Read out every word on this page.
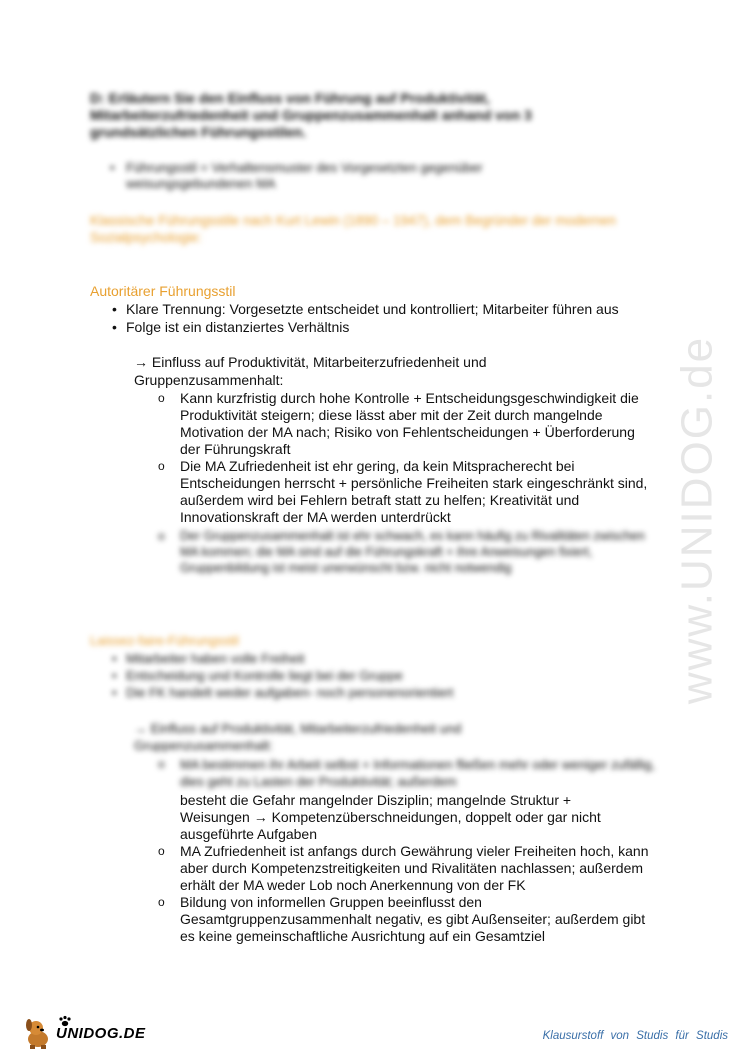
D: Erläutern Sie den Einfluss von Führung auf Produktivität, Mitarbeiterzufriedenheit und Gruppenzusammenhalt anhand von 3 grundsätzlichen Führungsstilen.
• Führungsstil = Verhaltensmuster des Vorgesetzten gegenüber weisungsgebundenen MA
Klassische Führungsstile nach Kurt Lewin (1890 – 1947), dem Begründer der modernen Sozialpsychologie:
Autoritärer Führungsstil
• Klare Trennung: Vorgesetzte entscheidet und kontrolliert; Mitarbeiter führen aus
• Folge ist ein distanziertes Verhältnis
→ Einfluss auf Produktivität, Mitarbeiterzufriedenheit und Gruppenzusammenhalt:
o Kann kurzfristig durch hohe Kontrolle + Entscheidungsgeschwindigkeit die Produktivität steigern; diese lässt aber mit der Zeit durch mangelnde Motivation der MA nach; Risiko von Fehlentscheidungen + Überforderung der Führungskraft
o Die MA Zufriedenheit ist ehr gering, da kein Mitspracherecht bei Entscheidungen herrscht + persönliche Freiheiten stark eingeschränkt sind, außerdem wird bei Fehlern betraft statt zu helfen; Kreativität und Innovationskraft der MA werden unterdrückt
o Der Gruppenzusammenhalt ist ehr schwach, es kann häufig zu Rivalitäten zwischen MA kommen; die MA sind auf die Führungskraft + ihre Anweisungen fixiert, Gruppenbildung ist meist unerwünscht bzw. nicht notwendig
Laissez-faire-Führungsstil
• Mitarbeiter haben volle Freiheit
• Entscheidung und Kontrolle liegt bei der Gruppe
• Die FK handelt weder aufgaben- noch personenorientiert
→ Einfluss auf Produktivität, Mitarbeiterzufriedenheit und Gruppenzusammenhalt:
o MA bestimmen ihr Arbeit selbst + Informationen fließen mehr oder weniger zufällig, dies geht zu Lasten der Produktivität; außerdem
besteht die Gefahr mangelnder Disziplin; mangelnde Struktur +
Weisungen → Kompetenzüberschneidungen, doppelt oder gar nicht
ausgeführte Aufgaben
o MA Zufriedenheit ist anfangs durch Gewährung vieler Freiheiten hoch, kann aber durch Kompetenzstreitigkeiten und Rivalitäten nachlassen; außerdem erhält der MA weder Lob noch Anerkennung von der FK
o Bildung von informellen Gruppen beeinflusst den Gesamtgruppenzusammenhalt negativ, es gibt Außenseiter; außerdem gibt es keine gemeinschaftliche Ausrichtung auf ein Gesamtziel
www.UNIDOG.de
UNIDOG.DE	Klausurstoff von Studis für Studis
